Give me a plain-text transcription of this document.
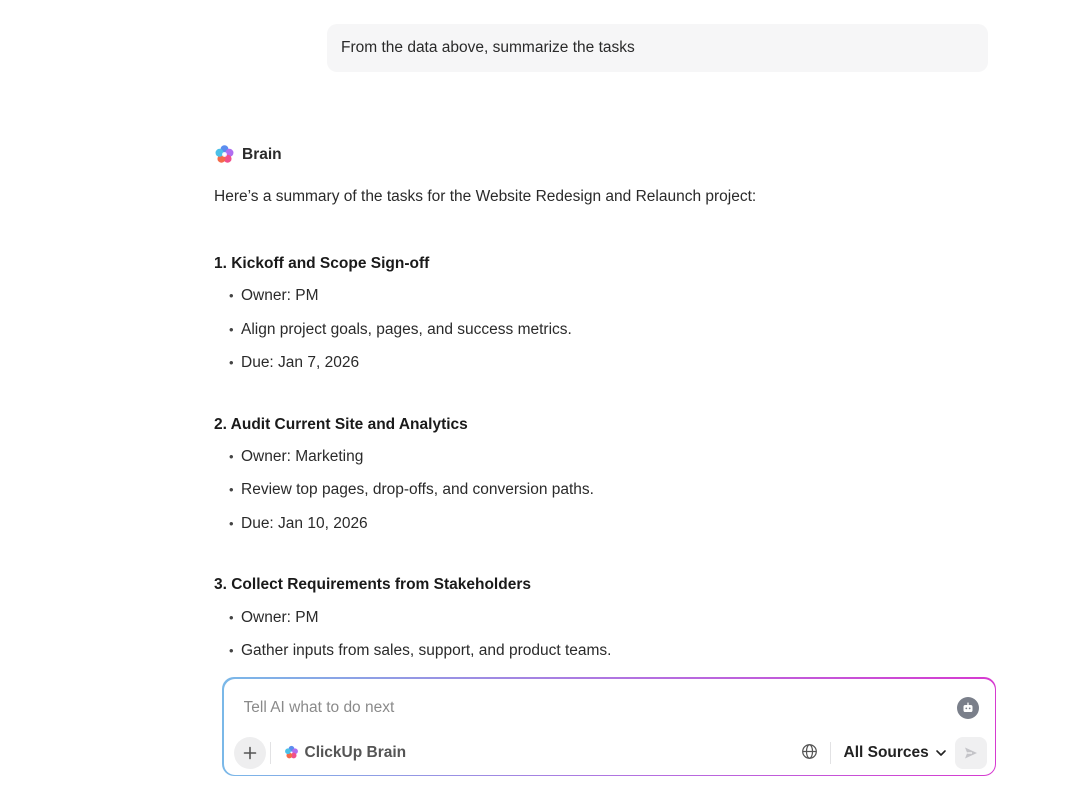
From the data above, summarize the tasks
Brain
Here’s a summary of the tasks for the Website Redesign and Relaunch project:
1. Kickoff and Scope Sign-off
• Owner: PM
• Align project goals, pages, and success metrics.
• Due: Jan 7, 2026
2. Audit Current Site and Analytics
• Owner: Marketing
• Review top pages, drop-offs, and conversion paths.
• Due: Jan 10, 2026
3. Collect Requirements from Stakeholders
• Owner: PM
• Gather inputs from sales, support, and product teams.
Tell AI what to do next
ClickUp Brain	All Sources
